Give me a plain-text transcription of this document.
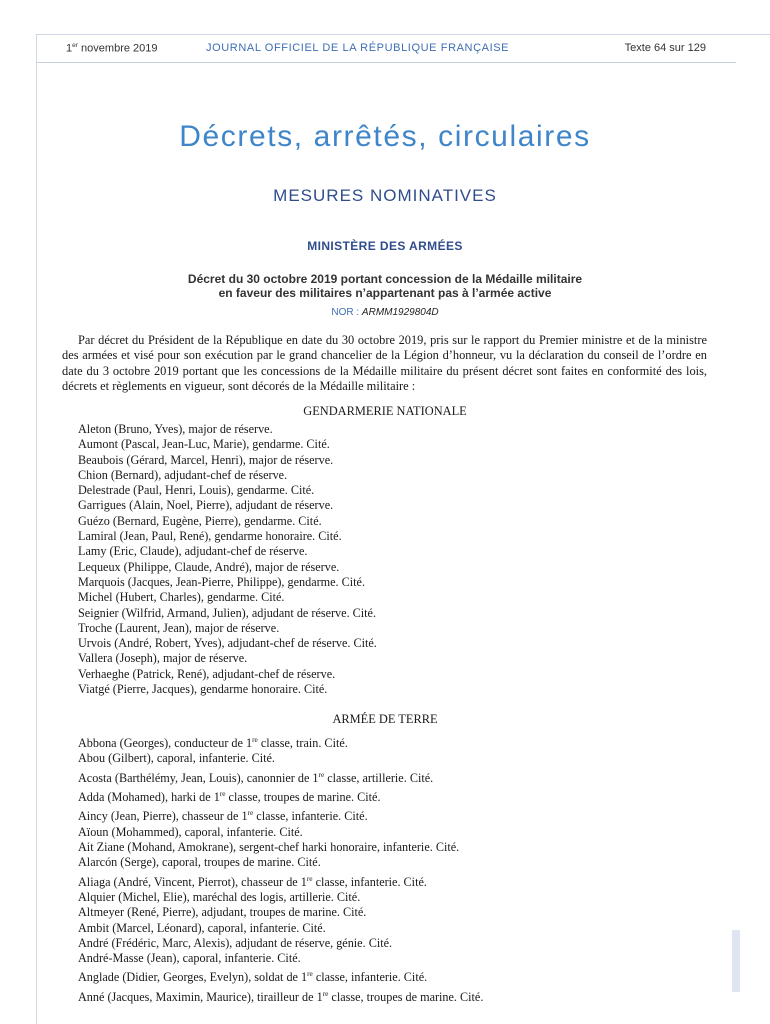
1er novembre 2019	JOURNAL OFFICIEL DE LA RÉPUBLIQUE FRANÇAISE	Texte 64 sur 129
Décrets, arrêtés, circulaires
MESURES NOMINATIVES
MINISTÈRE DES ARMÉES
Décret du 30 octobre 2019 portant concession de la Médaille militaire
en faveur des militaires n’appartenant pas à l’armée active
NOR : ARMM1929804D

Par décret du Président de la République en date du 30 octobre 2019, pris sur le rapport du Premier ministre et de la ministre des armées et visé pour son exécution par le grand chancelier de la Légion d’honneur, vu la déclaration du conseil de l’ordre en date du 3 octobre 2019 portant que les concessions de la Médaille militaire du présent décret sont faites en conformité des lois, décrets et règlements en vigueur, sont décorés de la Médaille militaire :

GENDARMERIE NATIONALE
Aleton (Bruno, Yves), major de réserve.
Aumont (Pascal, Jean-Luc, Marie), gendarme. Cité.
Beaubois (Gérard, Marcel, Henri), major de réserve.
Chion (Bernard), adjudant-chef de réserve.
Delestrade (Paul, Henri, Louis), gendarme. Cité.
Garrigues (Alain, Noel, Pierre), adjudant de réserve.
Guézo (Bernard, Eugène, Pierre), gendarme. Cité.
Lamiral (Jean, Paul, René), gendarme honoraire. Cité.
Lamy (Eric, Claude), adjudant-chef de réserve.
Lequeux (Philippe, Claude, André), major de réserve.
Marquois (Jacques, Jean-Pierre, Philippe), gendarme. Cité.
Michel (Hubert, Charles), gendarme. Cité.
Seignier (Wilfrid, Armand, Julien), adjudant de réserve. Cité.
Troche (Laurent, Jean), major de réserve.
Urvois (André, Robert, Yves), adjudant-chef de réserve. Cité.
Vallera (Joseph), major de réserve.
Verhaeghe (Patrick, René), adjudant-chef de réserve.
Viatgé (Pierre, Jacques), gendarme honoraire. Cité.
ARMÉE DE TERRE
Abbona (Georges), conducteur de 1re classe, train. Cité.
Abou (Gilbert), caporal, infanterie. Cité.
Acosta (Barthélémy, Jean, Louis), canonnier de 1re classe, artillerie. Cité.
Adda (Mohamed), harki de 1re classe, troupes de marine. Cité.
Aincy (Jean, Pierre), chasseur de 1re classe, infanterie. Cité.
Aïoun (Mohammed), caporal, infanterie. Cité.
Ait Ziane (Mohand, Amokrane), sergent-chef harki honoraire, infanterie. Cité.
Alarcón (Serge), caporal, troupes de marine. Cité.
Aliaga (André, Vincent, Pierrot), chasseur de 1re classe, infanterie. Cité.
Alquier (Michel, Elie), maréchal des logis, artillerie. Cité.
Altmeyer (René, Pierre), adjudant, troupes de marine. Cité.
Ambit (Marcel, Léonard), caporal, infanterie. Cité.
André (Frédéric, Marc, Alexis), adjudant de réserve, génie. Cité.
André-Masse (Jean), caporal, infanterie. Cité.
Anglade (Didier, Georges, Evelyn), soldat de 1re classe, infanterie. Cité.
Anné (Jacques, Maximin, Maurice), tirailleur de 1re classe, troupes de marine. Cité.
